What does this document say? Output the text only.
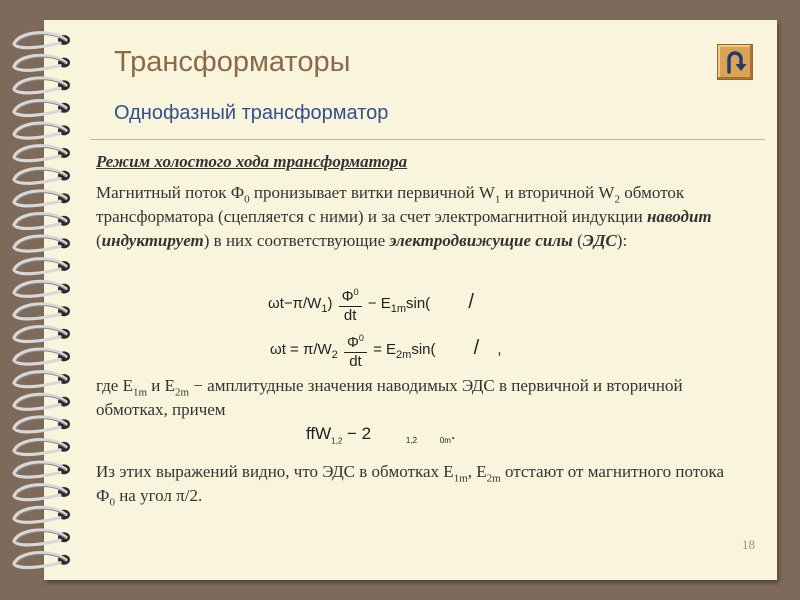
Трансформаторы
Однофазный трансформатор
Режим холостого хода трансформатора

Магнитный поток $Ф_0$ пронизывает витки первичной $W_1$ и вторичной $W_2$ обмоток трансформатора (сцепляется с ними) и за счет электромагнитной индукции наводит (индуктирует) в них соответствующие электродвижущие силы (ЭДС):

$\omega t-\pi/W_1) \frac{\Phi^0}{dt} - E_{1m}\sin$( /
$\omega t = \pi/W_2 \frac{\Phi^0}{dt} = E_{2m}\sin$( / ,

где $E_{1m}$ и $E_{2m}$ − амплитудные значения наводимых ЭДС в первичной и вторичной обмотках, причем

ffW$_{1,2}$ − 2	$_{1,2}$	$_{0m}$.

Из этих выражений видно, что ЭДС в обмотках $E_{1m}$, $E_{2m}$ отстают от магнитного потока $Ф_0$ на угол π/2.

18
